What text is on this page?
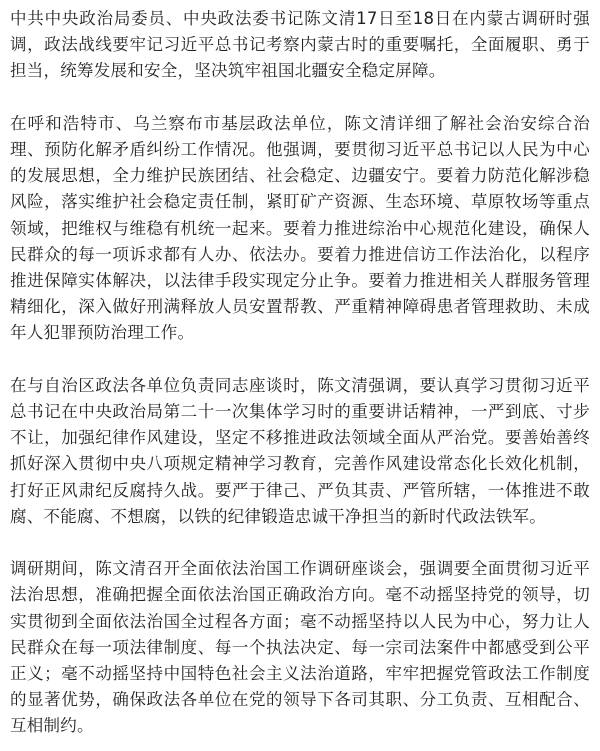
中共中央政治局委员、中央政法委书记陈文清17日至18日在内蒙古调研时强调，政法战线要牢记习近平总书记考察内蒙古时的重要嘱托，全面履职、勇于担当，统筹发展和安全，坚决筑牢祖国北疆安全稳定屏障。

在呼和浩特市、乌兰察布市基层政法单位，陈文清详细了解社会治安综合治理、预防化解矛盾纠纷工作情况。他强调，要贯彻习近平总书记以人民为中心的发展思想，全力维护民族团结、社会稳定、边疆安宁。要着力防范化解涉稳风险，落实维护社会稳定责任制，紧盯矿产资源、生态环境、草原牧场等重点领域，把维权与维稳有机统一起来。要着力推进综治中心规范化建设，确保人民群众的每一项诉求都有人办、依法办。要着力推进信访工作法治化，以程序推进保障实体解决，以法律手段实现定分止争。要着力推进相关人群服务管理精细化，深入做好刑满释放人员安置帮教、严重精神障碍患者管理救助、未成年人犯罪预防治理工作。

在与自治区政法各单位负责同志座谈时，陈文清强调，要认真学习贯彻习近平总书记在中央政治局第二十一次集体学习时的重要讲话精神，一严到底、寸步不让，加强纪律作风建设，坚定不移推进政法领域全面从严治党。要善始善终抓好深入贯彻中央八项规定精神学习教育，完善作风建设常态化长效化机制，打好正风肃纪反腐持久战。要严于律己、严负其责、严管所辖，一体推进不敢腐、不能腐、不想腐，以铁的纪律锻造忠诚干净担当的新时代政法铁军。

调研期间，陈文清召开全面依法治国工作调研座谈会，强调要全面贯彻习近平法治思想，准确把握全面依法治国正确政治方向。毫不动摇坚持党的领导，切实贯彻到全面依法治国全过程各方面；毫不动摇坚持以人民为中心，努力让人民群众在每一项法律制度、每一个执法决定、每一宗司法案件中都感受到公平正义；毫不动摇坚持中国特色社会主义法治道路，牢牢把握党管政法工作制度的显著优势，确保政法各单位在党的领导下各司其职、分工负责、互相配合、互相制约。
